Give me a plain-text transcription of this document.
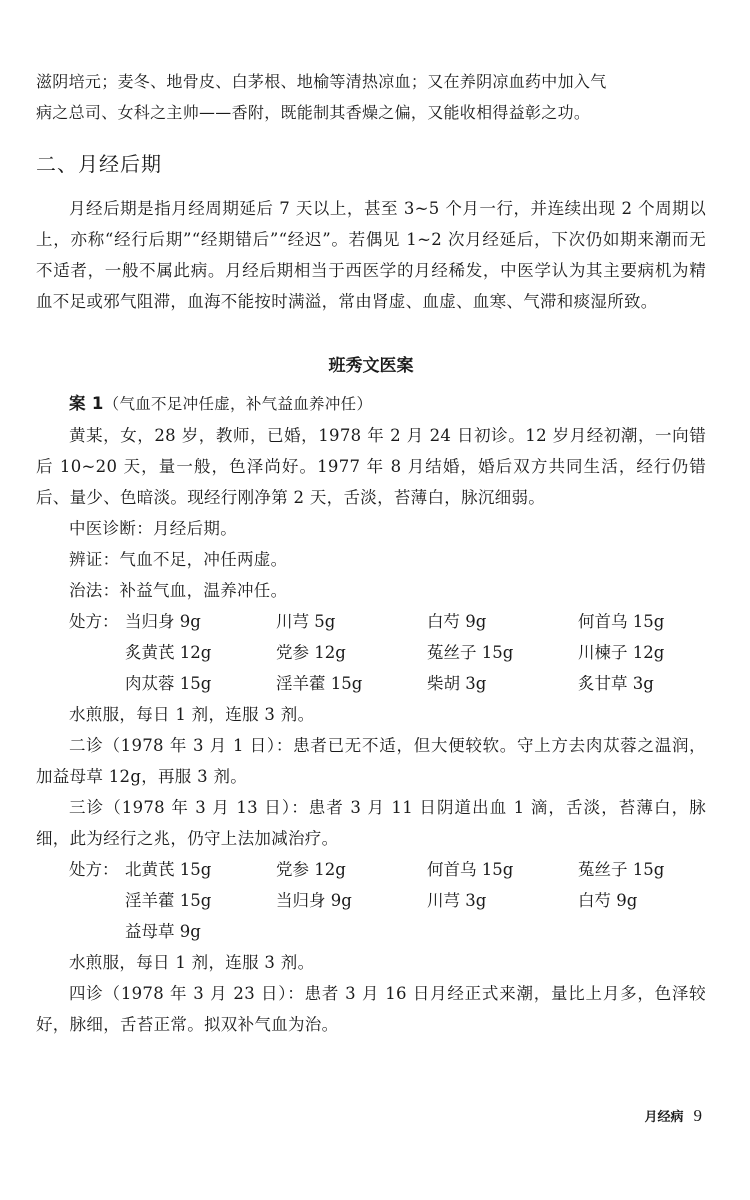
滋阴培元；麦冬、地骨皮、白茅根、地榆等清热凉血；又在养阴凉血药中加入气

病之总司、女科之主帅——香附，既能制其香燥之偏，又能收相得益彰之功。

二、月经后期

月经后期是指月经周期延后 7 天以上，甚至 3~5 个月一行，并连续出现 2 个周期以上，亦称“经行后期”“经期错后”“经迟”。若偶见 1~2 次月经延后，下次仍如期来潮而无不适者，一般不属此病。月经后期相当于西医学的月经稀发，中医学认为其主要病机为精血不足或邪气阻滞，血海不能按时满溢，常由肾虚、血虚、血寒、气滞和痰湿所致。

班秀文医案

案 1（气血不足冲任虚，补气益血养冲任）

黄某，女，28 岁，教师，已婚，1978 年 2 月 24 日初诊。12 岁月经初潮，一向错后 10~20 天，量一般，色泽尚好。1977 年 8 月结婚，婚后双方共同生活，经行仍错后、量少、色暗淡。现经行刚净第 2 天，舌淡，苔薄白，脉沉细弱。

中医诊断：月经后期。

辨证：气血不足，冲任两虚。

治法：补益气血，温养冲任。

处方： 当归身 9g	川芎 5g	白芍 9g	何首乌 15g
炙黄芪 12g	党参 12g	菟丝子 15g	川楝子 12g
肉苁蓉 15g	淫羊藿 15g	柴胡 3g	炙甘草 3g

水煎服，每日 1 剂，连服 3 剂。

二诊（1978 年 3 月 1 日）：患者已无不适，但大便较软。守上方去肉苁蓉之温润，加益母草 12g，再服 3 剂。

三诊（1978 年 3 月 13 日）：患者 3 月 11 日阴道出血 1 滴，舌淡，苔薄白，脉细，此为经行之兆，仍守上法加减治疗。

处方： 北黄芪 15g	党参 12g	何首乌 15g	菟丝子 15g
淫羊藿 15g	当归身 9g	川芎 3g	白芍 9g
益母草 9g

水煎服，每日 1 剂，连服 3 剂。

四诊（1978 年 3 月 23 日）：患者 3 月 16 日月经正式来潮，量比上月多，色泽较好，脉细，舌苔正常。拟双补气血为治。

月经病 9
